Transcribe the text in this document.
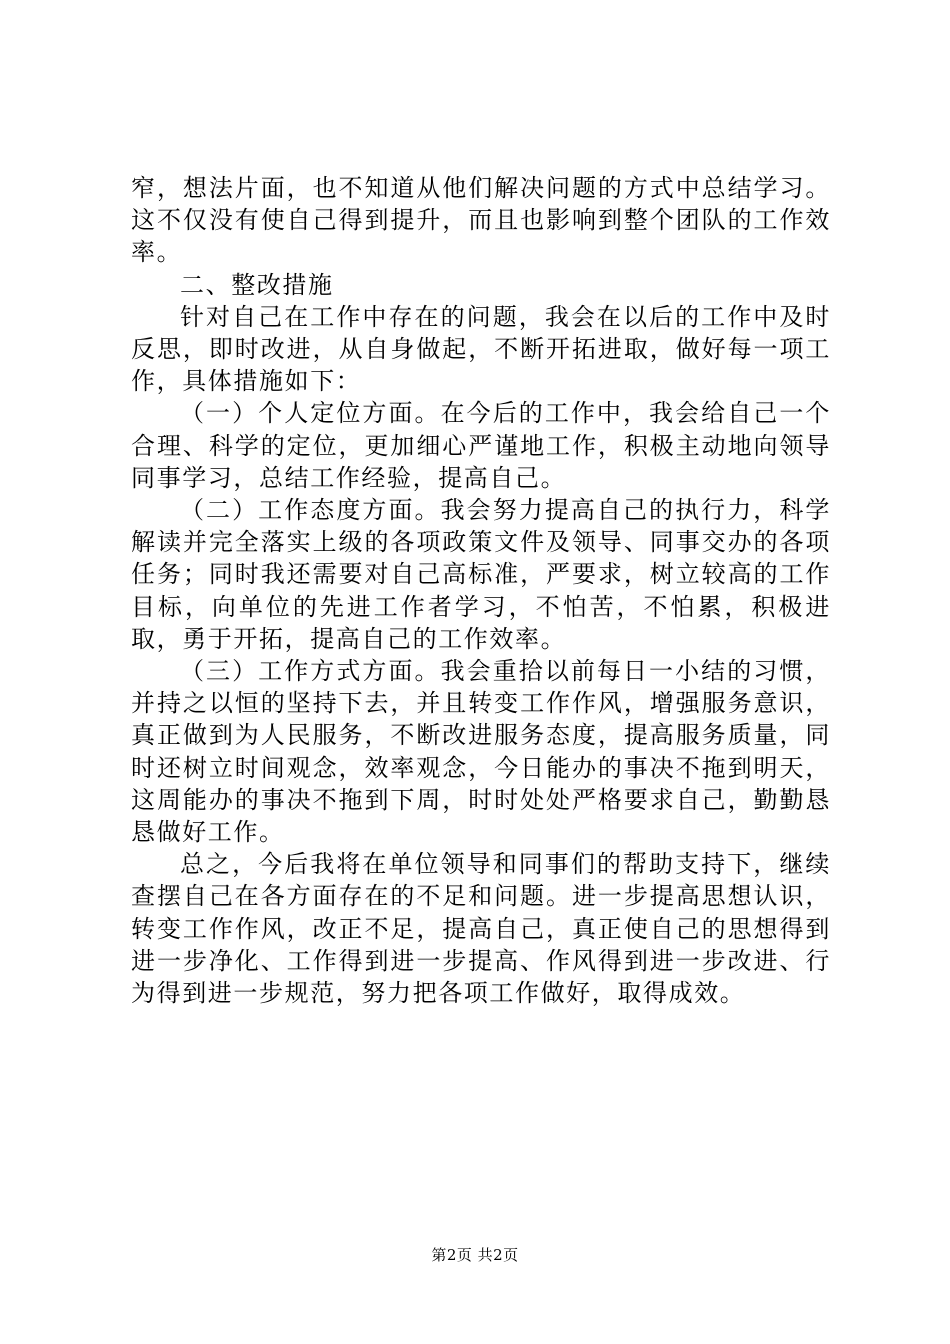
窄，想法片面，也不知道从他们解决问题的方式中总结学习。这不仅没有使自己得到提升，而且也影响到整个团队的工作效率。

二、整改措施

针对自己在工作中存在的问题，我会在以后的工作中及时反思，即时改进，从自身做起，不断开拓进取，做好每一项工作，具体措施如下：

（一）个人定位方面。在今后的工作中，我会给自己一个合理、科学的定位，更加细心严谨地工作，积极主动地向领导同事学习，总结工作经验，提高自己。

（二）工作态度方面。我会努力提高自己的执行力，科学解读并完全落实上级的各项政策文件及领导、同事交办的各项任务；同时我还需要对自己高标准，严要求，树立较高的工作目标，向单位的先进工作者学习，不怕苦，不怕累，积极进取，勇于开拓，提高自己的工作效率。

（三）工作方式方面。我会重拾以前每日一小结的习惯，并持之以恒的坚持下去，并且转变工作作风，增强服务意识，真正做到为人民服务，不断改进服务态度，提高服务质量，同时还树立时间观念，效率观念，今日能办的事决不拖到明天，这周能办的事决不拖到下周，时时处处严格要求自己，勤勤恳恳做好工作。

总之，今后我将在单位领导和同事们的帮助支持下，继续查摆自己在各方面存在的不足和问题。进一步提高思想认识，转变工作作风，改正不足，提高自己，真正使自己的思想得到进一步净化、工作得到进一步提高、作风得到进一步改进、行为得到进一步规范，努力把各项工作做好，取得成效。

第2页 共2页
